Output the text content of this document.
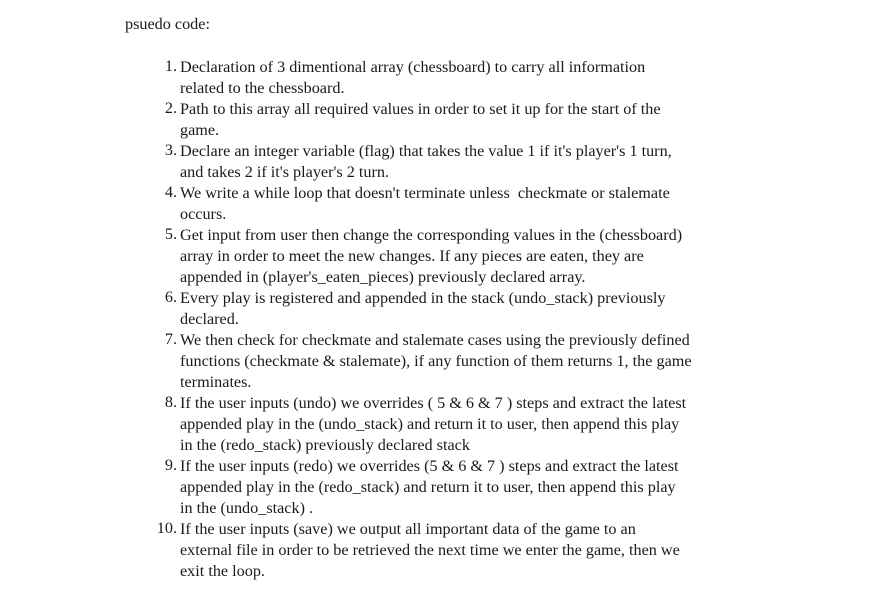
psuedo code:
1. Declaration of 3 dimentional array (chessboard) to carry all information
related to the chessboard.
2. Path to this array all required values in order to set it up for the start of the
game.
3. Declare an integer variable (flag) that takes the value 1 if it's player's 1 turn,
and takes 2 if it's player's 2 turn.
4. We write a while loop that doesn't terminate unless  checkmate or stalemate
occurs.
5. Get input from user then change the corresponding values in the (chessboard)
array in order to meet the new changes. If any pieces are eaten, they are
appended in (player's_eaten_pieces) previously declared array.
6. Every play is registered and appended in the stack (undo_stack) previously
declared.
7. We then check for checkmate and stalemate cases using the previously defined
functions (checkmate & stalemate), if any function of them returns 1, the game
terminates.
8. If the user inputs (undo) we overrides ( 5 & 6 & 7 ) steps and extract the latest
appended play in the (undo_stack) and return it to user, then append this play
in the (redo_stack) previously declared stack
9. If the user inputs (redo) we overrides (5 & 6 & 7 ) steps and extract the latest
appended play in the (redo_stack) and return it to user, then append this play
in the (undo_stack) .
10. If the user inputs (save) we output all important data of the game to an
external file in order to be retrieved the next time we enter the game, then we
exit the loop.
